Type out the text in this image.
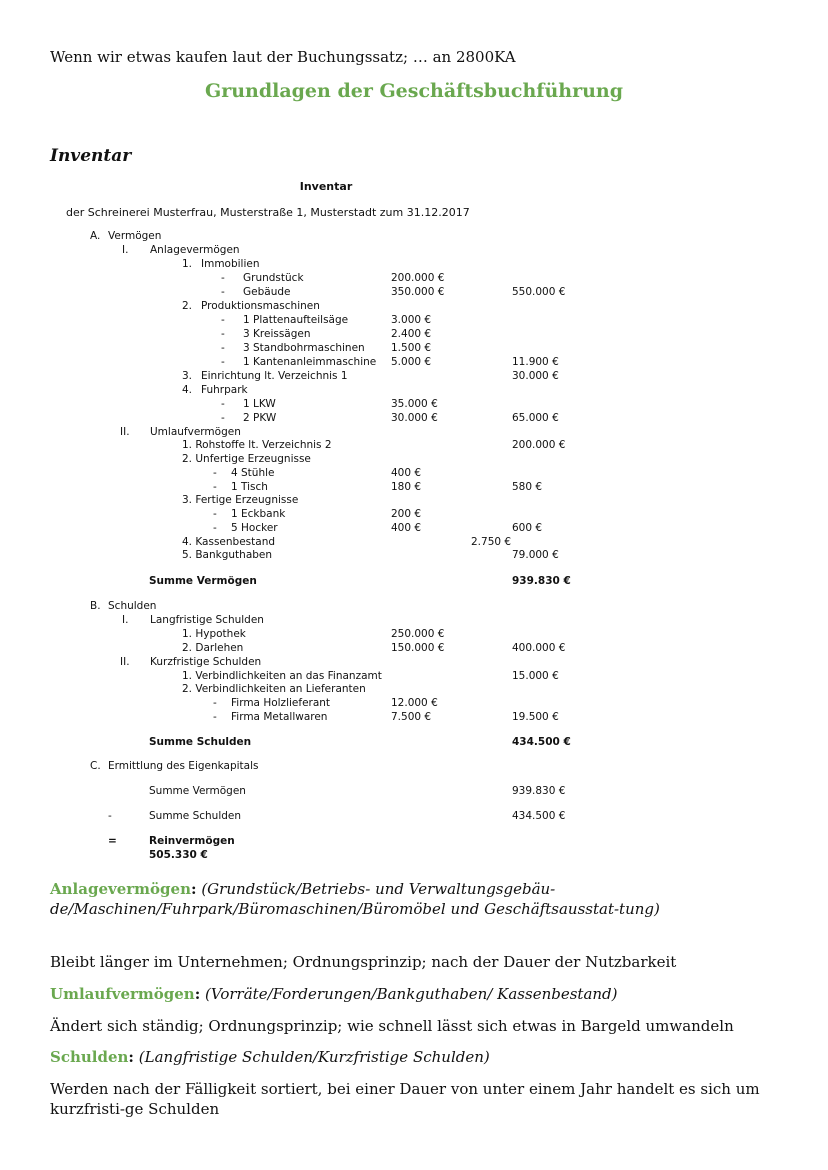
Wenn wir etwas kaufen laut der Buchungssatz; … an 2800KA
Grundlagen der Geschäftsbuchführung
Inventar
Inventar
der Schreinerei Musterfrau, Musterstraße 1, Musterstadt zum 31.12.2017
A. Vermögen
I. Anlagevermögen
1. Immobilien
- Grundstück	200.000 €
- Gebäude	350.000 €	550.000 €
2. Produktionsmaschinen
- 1 Plattenaufteilsäge	3.000 €
- 3 Kreissägen	2.400 €
- 3 Standbohrmaschinen	1.500 €
- 1 Kantenanleimmaschine 5.000 €	11.900 €
3. Einrichtung lt. Verzeichnis 1	30.000 €
4. Fuhrpark
- 1 LKW	35.000 €
- 2 PKW	30.000 €	65.000 €
II. Umlaufvermögen
1. Rohstoffe lt. Verzeichnis 2	200.000 €
2. Unfertige Erzeugnisse
- 4 Stühle	400 €
- 1 Tisch	180 €	580 €
3. Fertige Erzeugnisse
- 1 Eckbank	200 €
- 5 Hocker	400 €	600 €
4. Kassenbestand	2.750 €
5. Bankguthaben	79.000 €
Summe Vermögen	939.830 €
B. Schulden
I. Langfristige Schulden
1. Hypothek	250.000 €
2. Darlehen	150.000 €	400.000 €
II. Kurzfristige Schulden
1. Verbindlichkeiten an das Finanzamt	15.000 €
2. Verbindlichkeiten an Lieferanten
- Firma Holzlieferant	12.000 €
- Firma Metallwaren	7.500 €	19.500 €
Summe Schulden	434.500 €
C. Ermittlung des Eigenkapitals
Summe Vermögen	939.830 €
-	Summe Schulden	434.500 €
=	Reinvermögen
505.330 €
Anlagevermögen: (Grundstück/Betriebs- und Verwaltungsgebäu-de/Maschinen/Fuhrpark/Büromaschinen/Büromöbel und Geschäftsausstat-tung)
Bleibt länger im Unternehmen; Ordnungsprinzip; nach der Dauer der Nutzbarkeit
Umlaufvermögen: (Vorräte/Forderungen/Bankguthaben/ Kassenbestand)
Ändert sich ständig; Ordnungsprinzip; wie schnell lässt sich etwas in Bargeld umwandeln
Schulden: (Langfristige Schulden/Kurzfristige Schulden)
Werden nach der Fälligkeit sortiert, bei einer Dauer von unter einem Jahr handelt es sich um kurzfristi-ge Schulden
